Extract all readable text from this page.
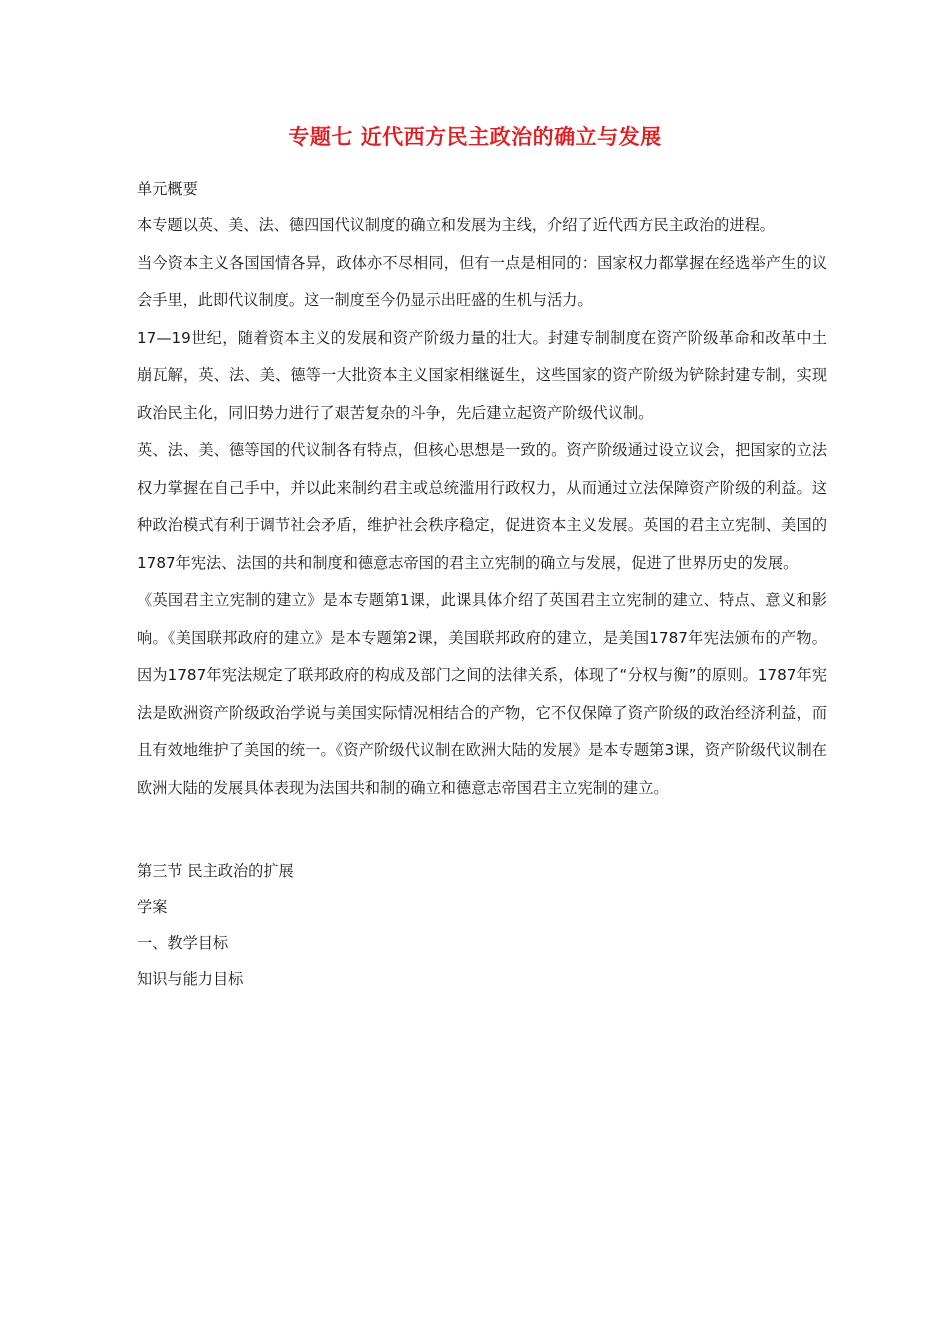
专题七 近代西方民主政治的确立与发展

单元概要

本专题以英、美、法、德四国代议制度的确立和发展为主线，介绍了近代西方民主政治的进程。

当今资本主义各国国情各异，政体亦不尽相同，但有一点是相同的：国家权力都掌握在经选举产生的议会手里，此即代议制度。这一制度至今仍显示出旺盛的生机与活力。

17—19世纪，随着资本主义的发展和资产阶级力量的壮大。封建专制制度在资产阶级革命和改革中土崩瓦解，英、法、美、德等一大批资本主义国家相继诞生，这些国家的资产阶级为铲除封建专制，实现政治民主化，同旧势力进行了艰苦复杂的斗争，先后建立起资产阶级代议制。

英、法、美、德等国的代议制各有特点，但核心思想是一致的。资产阶级通过设立议会，把国家的立法权力掌握在自己手中，并以此来制约君主或总统滥用行政权力，从而通过立法保障资产阶级的利益。这种政治模式有利于调节社会矛盾，维护社会秩序稳定，促进资本主义发展。英国的君主立宪制、美国的1787年宪法、法国的共和制度和德意志帝国的君主立宪制的确立与发展，促进了世界历史的发展。

《英国君主立宪制的建立》是本专题第1课，此课具体介绍了英国君主立宪制的建立、特点、意义和影响。《美国联邦政府的建立》是本专题第2课，美国联邦政府的建立，是美国1787年宪法颁布的产物。因为1787年宪法规定了联邦政府的构成及部门之间的法律关系，体现了“分权与衡”的原则。1787年宪法是欧洲资产阶级政治学说与美国实际情况相结合的产物，它不仅保障了资产阶级的政治经济利益，而且有效地维护了美国的统一。《资产阶级代议制在欧洲大陆的发展》是本专题第3课，资产阶级代议制在欧洲大陆的发展具体表现为法国共和制的确立和德意志帝国君主立宪制的建立。

第三节 民主政治的扩展

学案

一、教学目标

知识与能力目标
